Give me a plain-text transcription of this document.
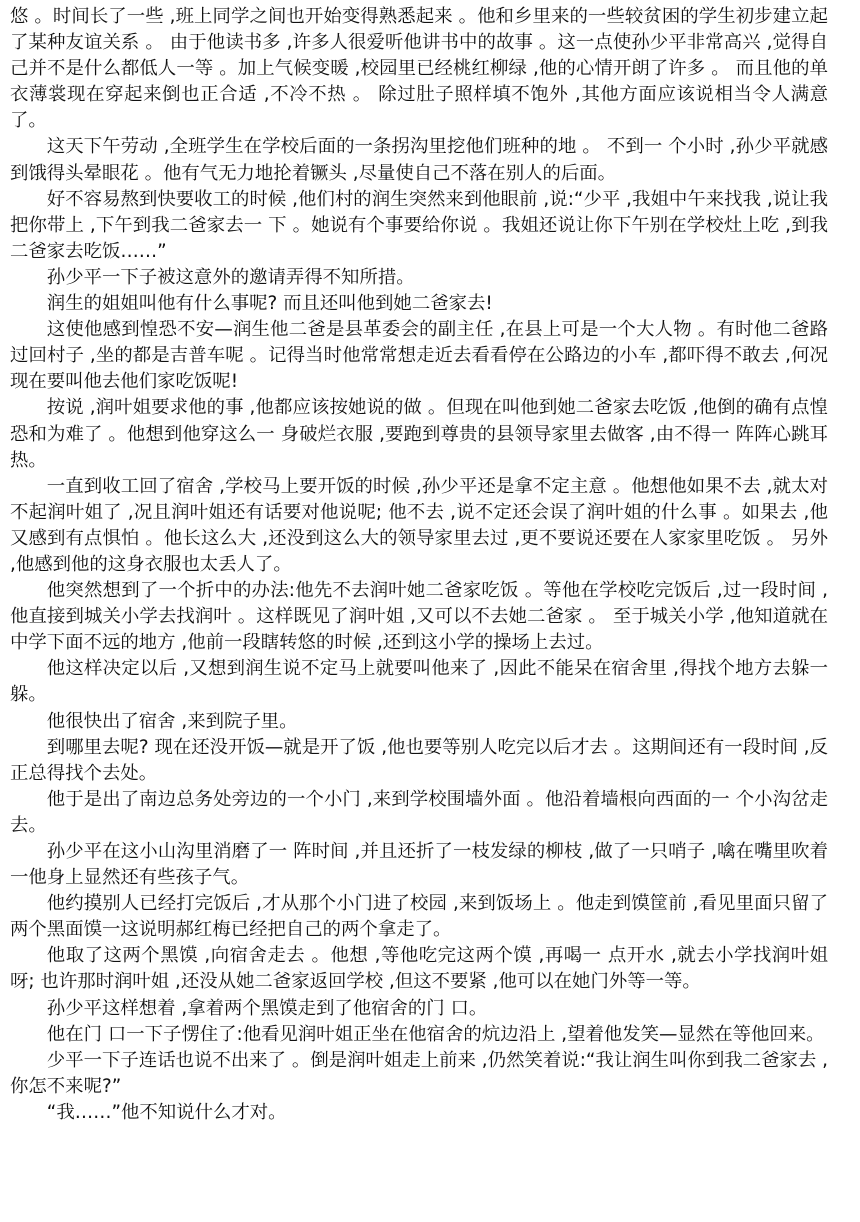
悠 。时间长了一些 ,班上同学之间也开始变得熟悉起来 。他和乡里来的一些较贫困的学生初步建立起了某种友谊关系 。 由于他读书多 ,许多人很爱听他讲书中的故事 。这一点使孙少平非常高兴 ,觉得自己并不是什么都低人一等 。加上气候变暖 ,校园里已经桃红柳绿 ,他的心情开朗了许多 。 而且他的单衣薄裳现在穿起来倒也正合适 ,不冷不热 。 除过肚子照样填不饱外 ,其他方面应该说相当令人满意了。

这天下午劳动 ,全班学生在学校后面的一条拐沟里挖他们班种的地 。 不到一 个小时 ,孙少平就感到饿得头晕眼花 。他有气无力地抡着镢头 ,尽量使自己不落在别人的后面。

好不容易熬到快要收工的时候 ,他们村的润生突然来到他眼前 ,说:“少平 ,我姐中午来找我 ,说让我把你带上 ,下午到我二爸家去一 下 。她说有个事要给你说 。我姐还说让你下午别在学校灶上吃 ,到我二爸家去吃饭……”

孙少平一下子被这意外的邀请弄得不知所措。

润生的姐姐叫他有什么事呢? 而且还叫他到她二爸家去!

这使他感到惶恐不安—润生他二爸是县革委会的副主任 ,在县上可是一个大人物 。有时他二爸路过回村子 ,坐的都是吉普车呢 。记得当时他常常想走近去看看停在公路边的小车 ,都吓得不敢去 ,何况现在要叫他去他们家吃饭呢!

按说 ,润叶姐要求他的事 ,他都应该按她说的做 。但现在叫他到她二爸家去吃饭 ,他倒的确有点惶恐和为难了 。他想到他穿这么一 身破烂衣服 ,要跑到尊贵的县领导家里去做客 ,由不得一 阵阵心跳耳热。

一直到收工回了宿舍 ,学校马上要开饭的时候 ,孙少平还是拿不定主意 。他想他如果不去 ,就太对不起润叶姐了 ,况且润叶姐还有话要对他说呢; 他不去 ,说不定还会误了润叶姐的什么事 。如果去 ,他又感到有点惧怕 。他长这么大 ,还没到这么大的领导家里去过 ,更不要说还要在人家家里吃饭 。 另外 ,他感到他的这身衣服也太丢人了。

他突然想到了一个折中的办法:他先不去润叶她二爸家吃饭 。等他在学校吃完饭后 ,过一段时间 ,他直接到城关小学去找润叶 。这样既见了润叶姐 ,又可以不去她二爸家 。 至于城关小学 ,他知道就在中学下面不远的地方 ,他前一段瞎转悠的时候 ,还到这小学的操场上去过。

他这样决定以后 ,又想到润生说不定马上就要叫他来了 ,因此不能呆在宿舍里 ,得找个地方去躲一躲。

他很快出了宿舍 ,来到院子里。

到哪里去呢? 现在还没开饭—就是开了饭 ,他也要等别人吃完以后才去 。这期间还有一段时间 ,反正总得找个去处。

他于是出了南边总务处旁边的一个小门 ,来到学校围墙外面 。他沿着墙根向西面的一 个小沟岔走去。

孙少平在这小山沟里消磨了一 阵时间 ,并且还折了一枝发绿的柳枝 ,做了一只哨子 ,噙在嘴里吹着一他身上显然还有些孩子气。

他约摸别人已经打完饭后 ,才从那个小门进了校园 ,来到饭场上 。他走到馍筐前 ,看见里面只留了两个黑面馍一这说明郝红梅已经把自己的两个拿走了。

他取了这两个黑馍 ,向宿舍走去 。他想 ,等他吃完这两个馍 ,再喝一 点开水 ,就去小学找润叶姐呀; 也许那时润叶姐 ,还没从她二爸家返回学校 ,但这不要紧 ,他可以在她门外等一等。

孙少平这样想着 ,拿着两个黑馍走到了他宿舍的门 口。

他在门 口一下子愣住了:他看见润叶姐正坐在他宿舍的炕边沿上 ,望着他发笑—显然在等他回来。

少平一下子连话也说不出来了 。倒是润叶姐走上前来 ,仍然笑着说:“我让润生叫你到我二爸家去 ,你怎不来呢?”

“我……”他不知说什么才对。
